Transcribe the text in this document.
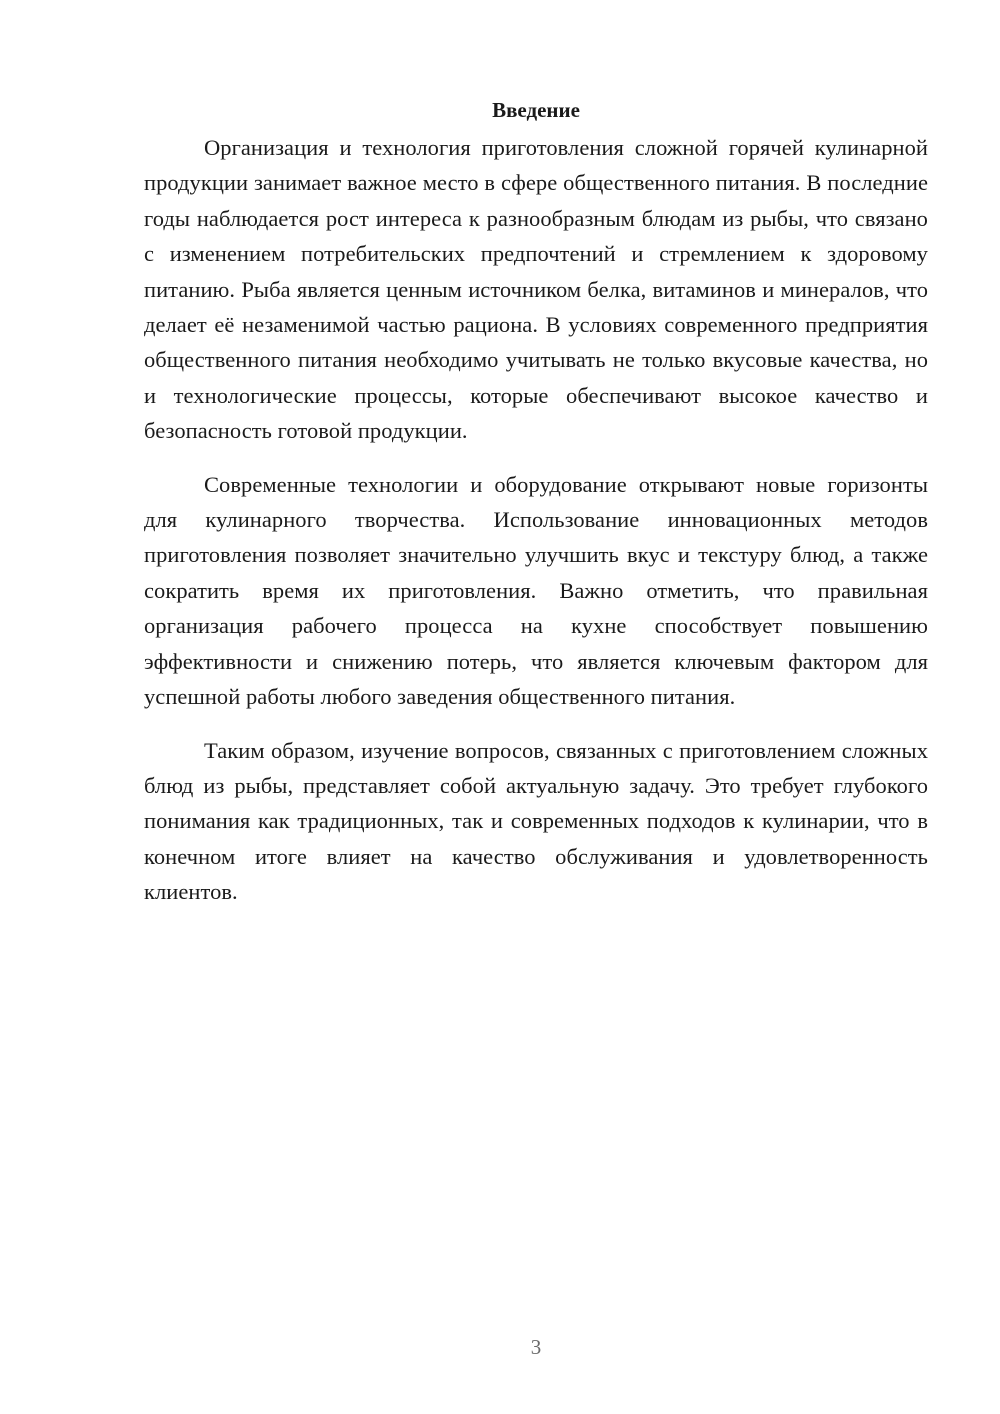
Введение

Организация и технология приготовления сложной горячей кулинарной продукции занимает важное место в сфере общественного питания. В последние годы наблюдается рост интереса к разнообразным блюдам из рыбы, что связано с изменением потребительских предпочтений и стремлением к здоровому питанию. Рыба является ценным источником белка, витаминов и минералов, что делает её незаменимой частью рациона. В условиях современного предприятия общественного питания необходимо учитывать не только вкусовые качества, но и технологические процессы, которые обеспечивают высокое качество и безопасность готовой продукции.

Современные технологии и оборудование открывают новые горизонты для кулинарного творчества. Использование инновационных методов приготовления позволяет значительно улучшить вкус и текстуру блюд, а также сократить время их приготовления. Важно отметить, что правильная организация рабочего процесса на кухне способствует повышению эффективности и снижению потерь, что является ключевым фактором для успешной работы любого заведения общественного питания.

Таким образом, изучение вопросов, связанных с приготовлением сложных блюд из рыбы, представляет собой актуальную задачу. Это требует глубокого понимания как традиционных, так и современных подходов к кулинарии, что в конечном итоге влияет на качество обслуживания и удовлетворенность клиентов.

3
